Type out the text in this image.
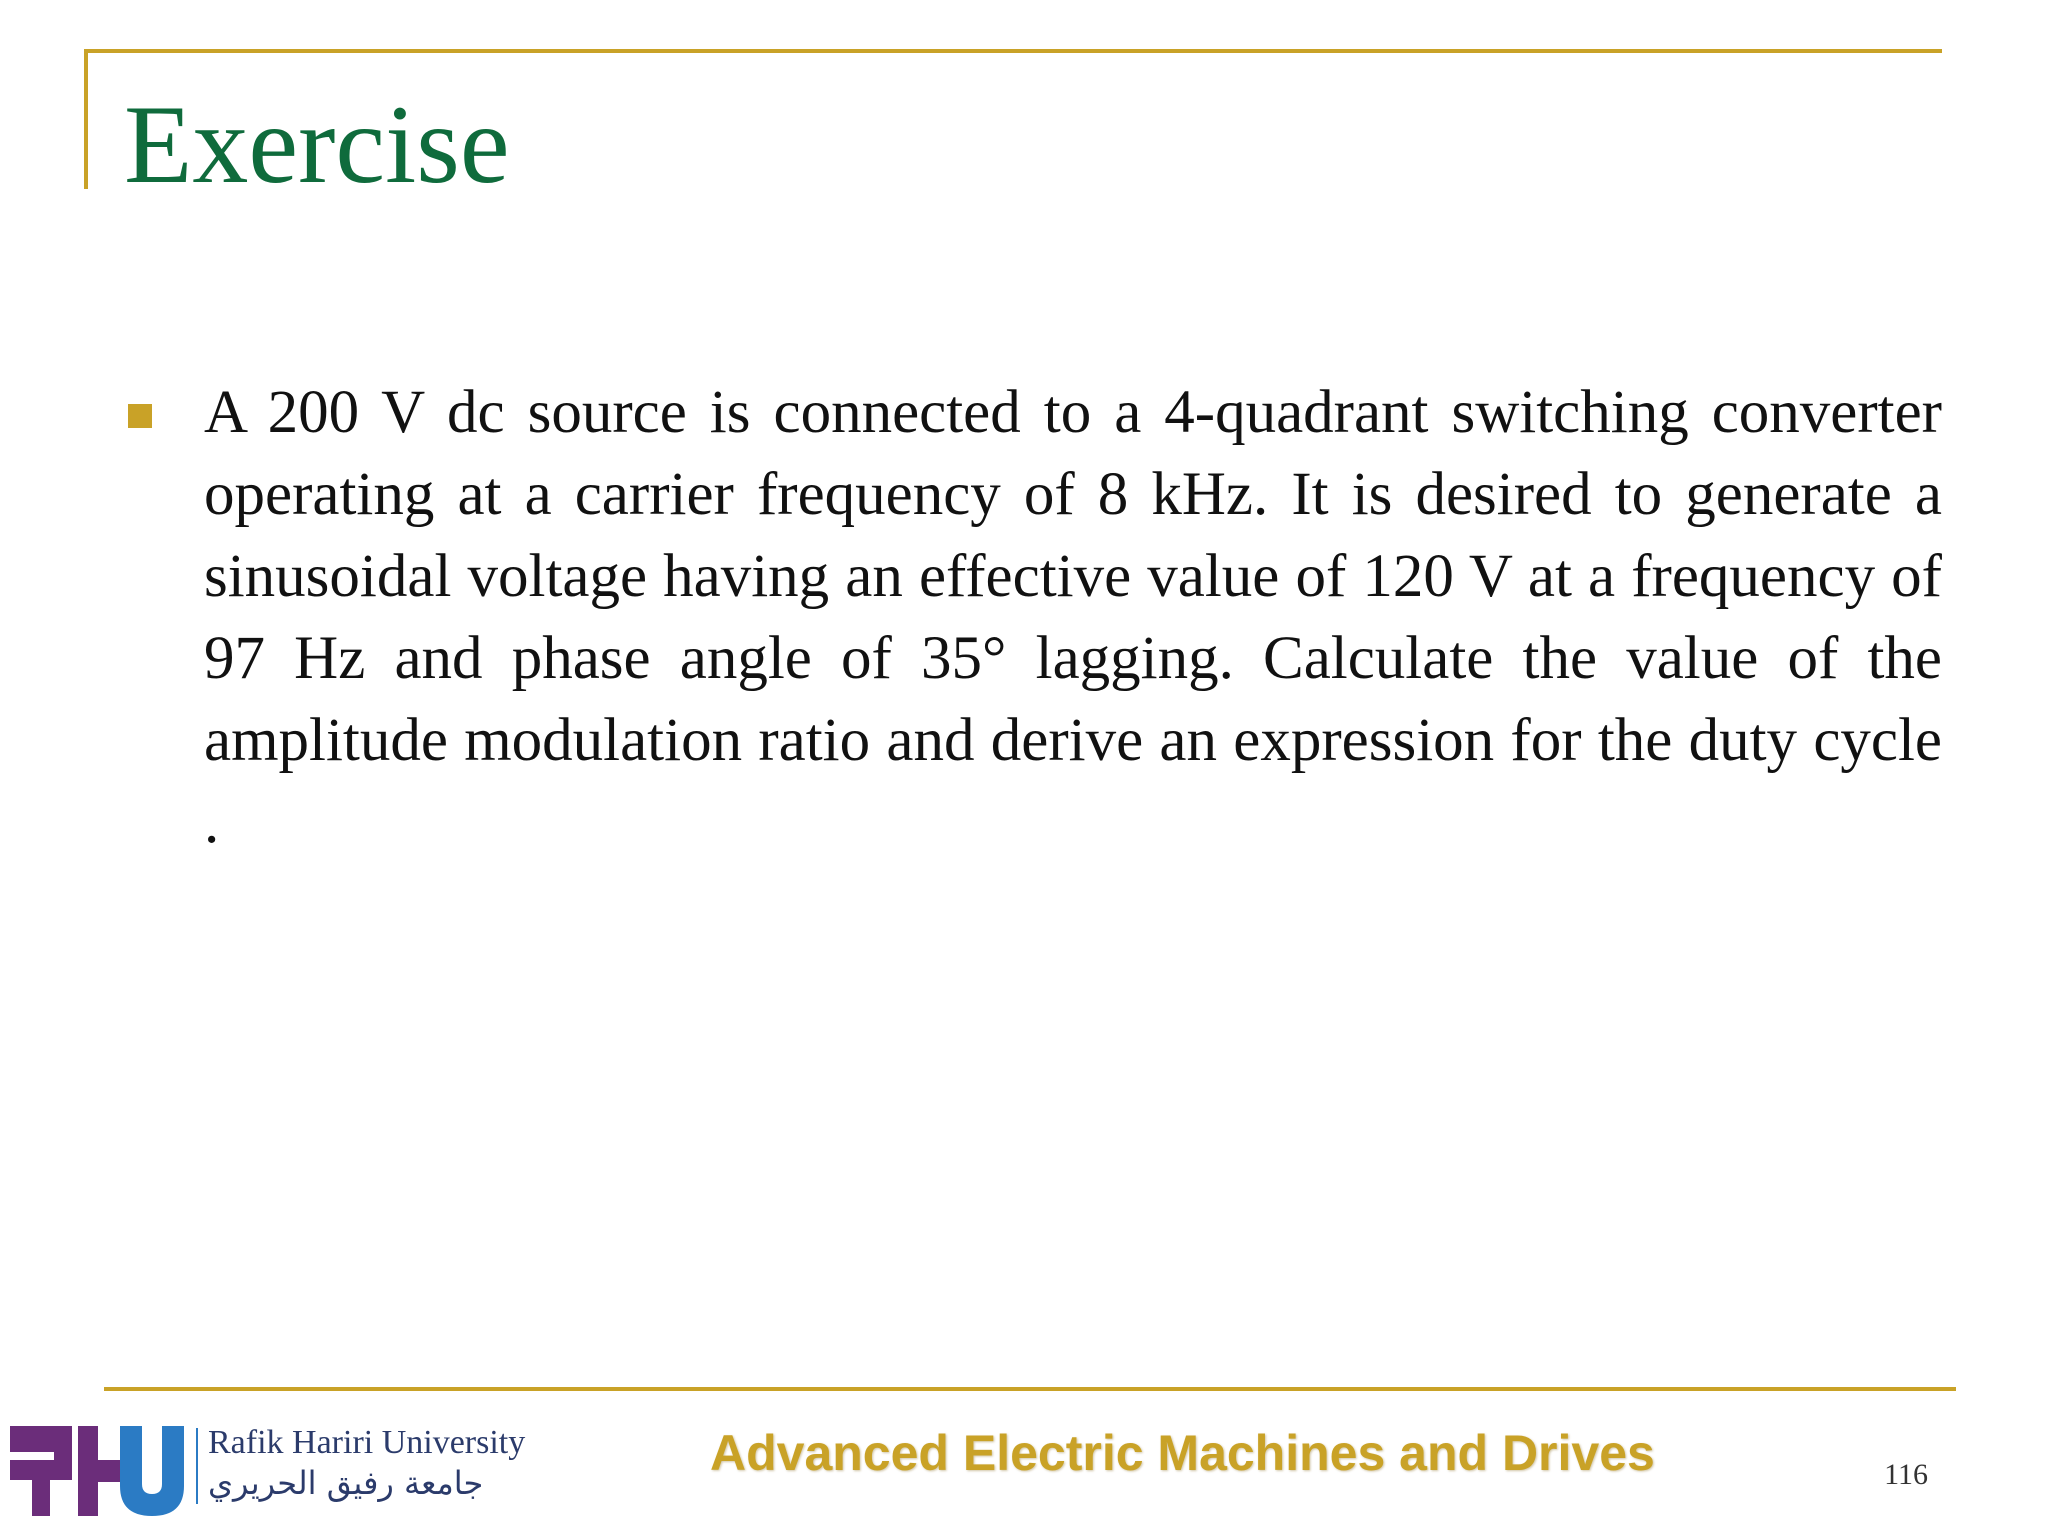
Exercise
A 200 V dc source is connected to a 4-quadrant switching converter operating at a carrier frequency of 8 kHz. It is desired to generate a sinusoidal voltage having an effective value of 120 V at a frequency of 97 Hz and phase angle of 35° lagging. Calculate the value of the amplitude modulation ratio and derive an expression for the duty cycle .
Rafik Hariri University
جامعة رفيق الحريري
Advanced Electric Machines and Drives	116
